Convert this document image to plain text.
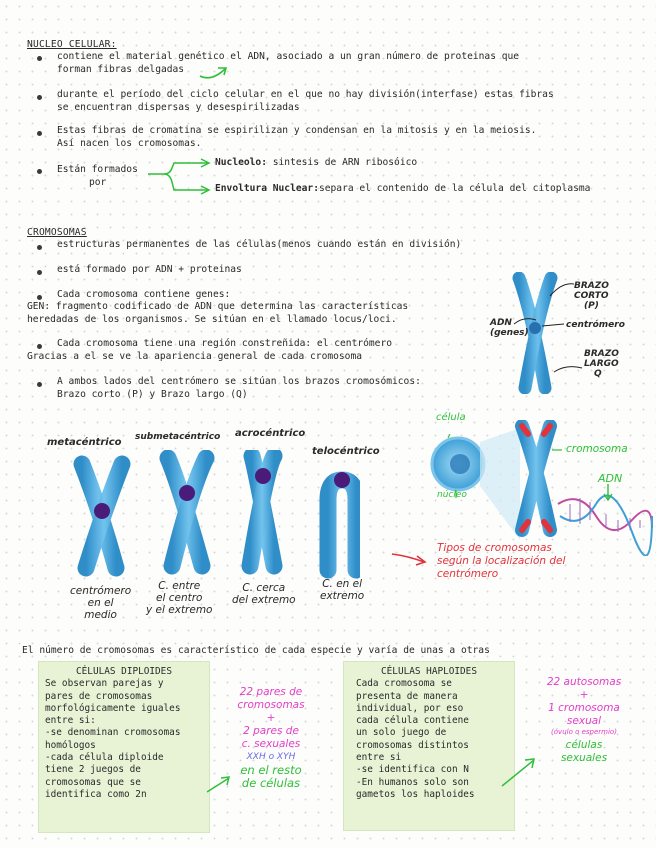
NUCLEO CELULAR:
contiene el material genético el ADN, asociado a un gran número de proteinas que
forman fibras delgadas
durante el período del ciclo celular en el que no hay división(interfase) estas fibras
se encuentran dispersas y desespirilizadas
Estas fibras de cromatina se espirilizan y condensan en la mitosis y en la meiosis.
Así nacen los cromosomas.
Están formados
por
Nucleolo: sintesis de ARN ribosóico
Envoltura Nuclear:separa el contenido de la célula del citoplasma
CROMOSOMAS
estructuras permanentes de las células(menos cuando están en división)
está formado por ADN + proteinas
Cada cromosoma contiene genes:
GEN: fragmento codificado de ADN que determina las características
heredadas de los organismos. Se sitúan en el llamado locus/loci.
Cada cromosoma tiene una región constreñida: el centrómero
Gracias a el se ve la apariencia general de cada cromosoma
A ambos lados del centrómero se sitúan los brazos cromosómicos:
Brazo corto (P) y Brazo largo (Q)
BRAZO
CORTO
(P)
ADN
(genes)
centrómero
BRAZO
LARGO
Q
metacéntrico submetacéntrico acrocéntrico
telocéntrico
centrómero
en el
medio
C. entre
el centro
y el extremo
C. cerca
del extremo
C. en el
extremo
Tipos de cromosomas
según la localización del
centrómero
célula
núcleo
cromosoma
ADN
El número de cromosomas es característico de cada especie y varía de unas a otras
CÉLULAS DIPLOIDES
Se observan parejas y
pares de cromosomas
morfológicamente iguales
entre si:
-se denominan cromosomas
homólogos
-cada célula diploide
tiene 2 juegos de
cromosomas que se
identifica como 2n
22 pares de
cromosomas
+
2 pares de
c. sexuales
XXH o XYH
en el resto
de células
CÉLULAS HAPLOIDES
Cada cromosoma se
presenta de manera
individual, por eso
cada célula contiene
un solo juego de
cromosomas distintos
entre si
-se identifica con N
-En humanos solo son
gametos los haploides
22 autosomas
+
1 cromosoma
sexual
(óvulo o espermio)
células
sexuales
